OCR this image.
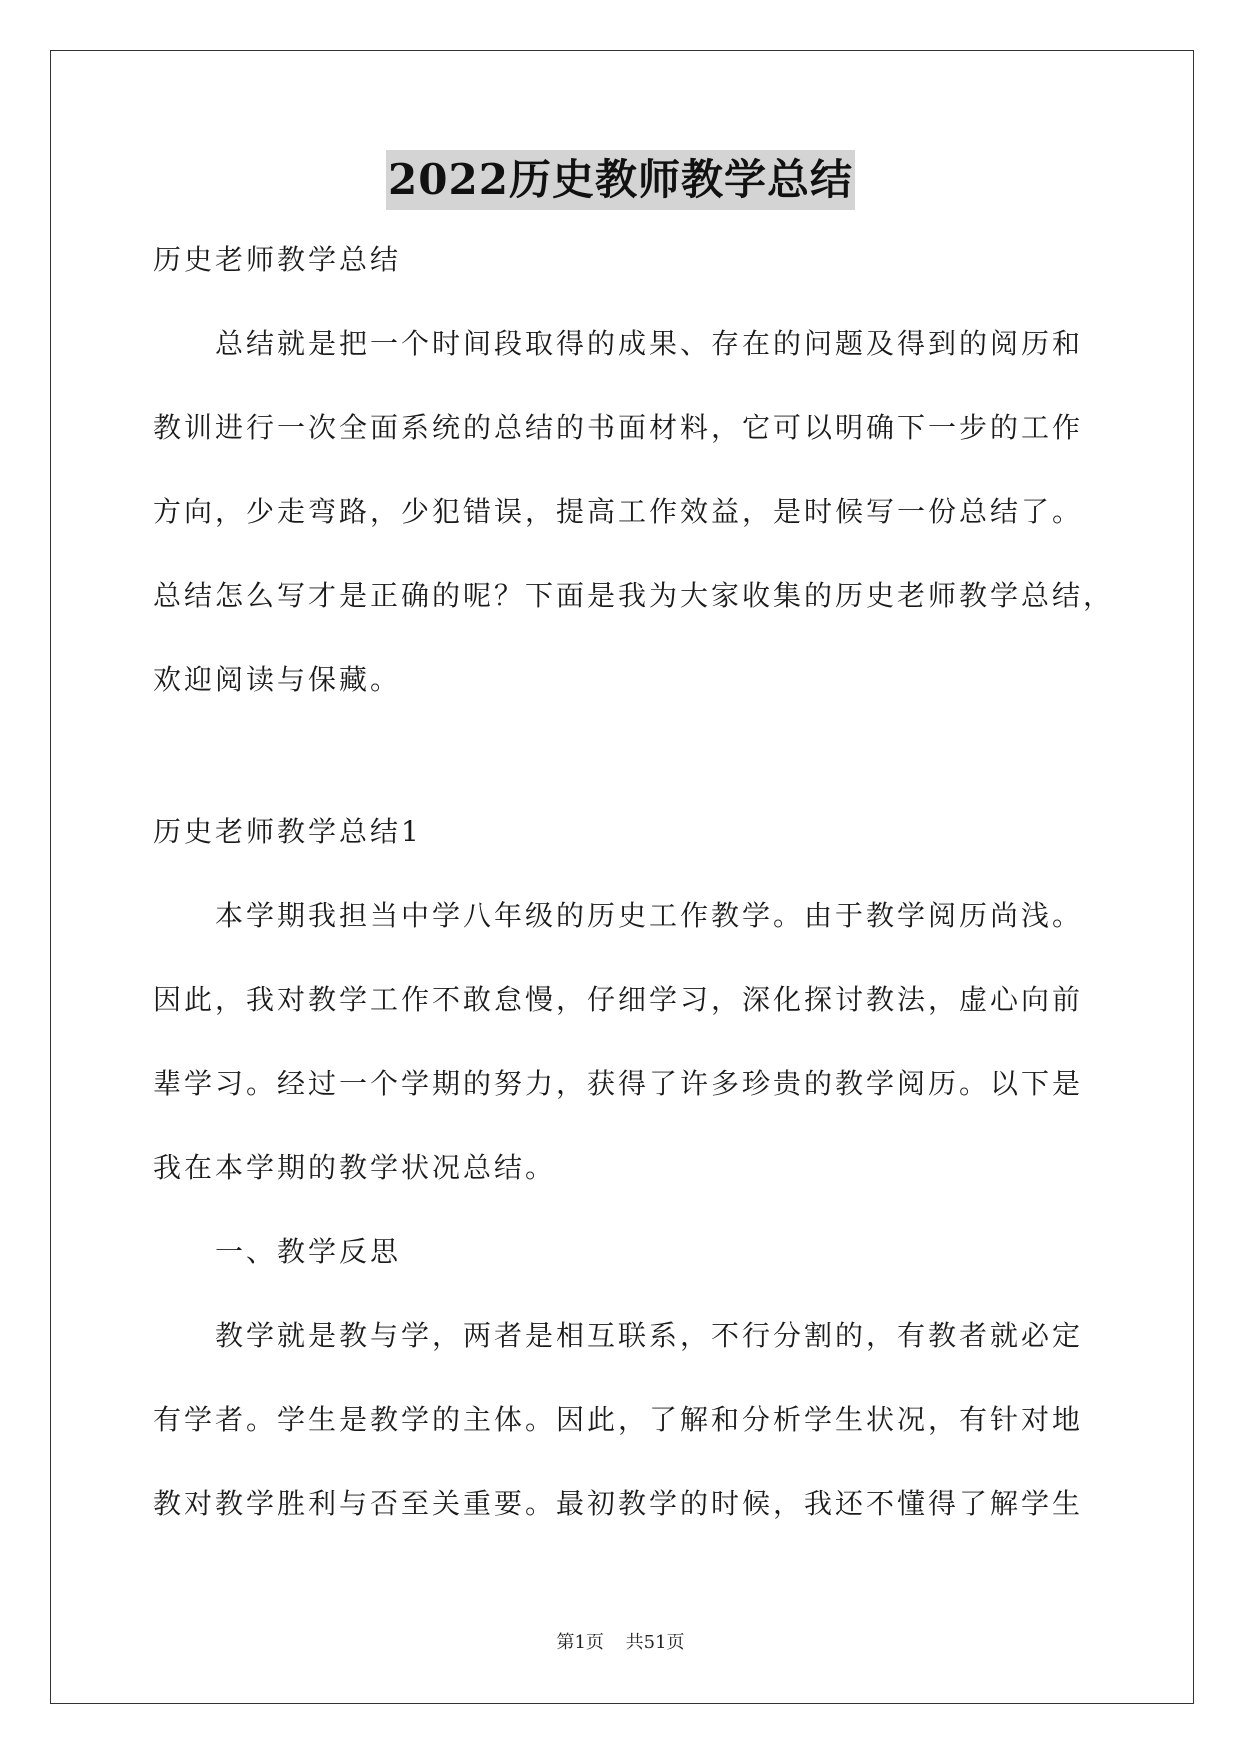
2022历史教师教学总结
历史老师教学总结
总结就是把一个时间段取得的成果、存在的问题及得到的阅历和
教训进行一次全面系统的总结的书面材料，它可以明确下一步的工作
方向，少走弯路，少犯错误，提高工作效益，是时候写一份总结了。
总结怎么写才是正确的呢？下面是我为大家收集的历史老师教学总结，
欢迎阅读与保藏。
历史老师教学总结1
本学期我担当中学八年级的历史工作教学。由于教学阅历尚浅。
因此，我对教学工作不敢怠慢，仔细学习，深化探讨教法，虚心向前
辈学习。经过一个学期的努力，获得了许多珍贵的教学阅历。以下是
我在本学期的教学状况总结。
一、教学反思
教学就是教与学，两者是相互联系，不行分割的，有教者就必定
有学者。学生是教学的主体。因此，了解和分析学生状况，有针对地
教对教学胜利与否至关重要。最初教学的时候，我还不懂得了解学生
第1页 共51页
